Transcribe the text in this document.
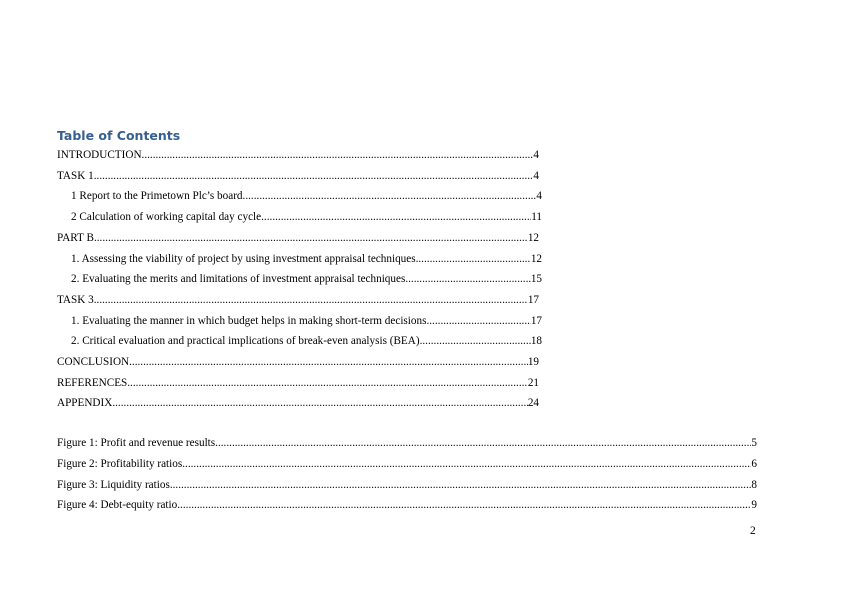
Table of Contents
INTRODUCTION .....	4
TASK 1 .....	4
1 Report to the Primetown Plc’s board .....	4
2 Calculation of working capital day cycle .....	11
PART B .....	12
1. Assessing the viability of project by using investment appraisal techniques .....	12
2. Evaluating the merits and limitations of investment appraisal techniques .....	15
TASK 3 .....	17
1. Evaluating the manner in which budget helps in making short-term decisions .....	17
2. Critical evaluation and practical implications of break-even analysis (BEA) .....	18
CONCLUSION .....	19
REFERENCES .....	21
APPENDIX .....	24
Figure 1: Profit and revenue results .....	5
Figure 2: Profitability ratios .....	6
Figure 3: Liquidity ratios .....	8
Figure 4: Debt-equity ratio .....	9
2
